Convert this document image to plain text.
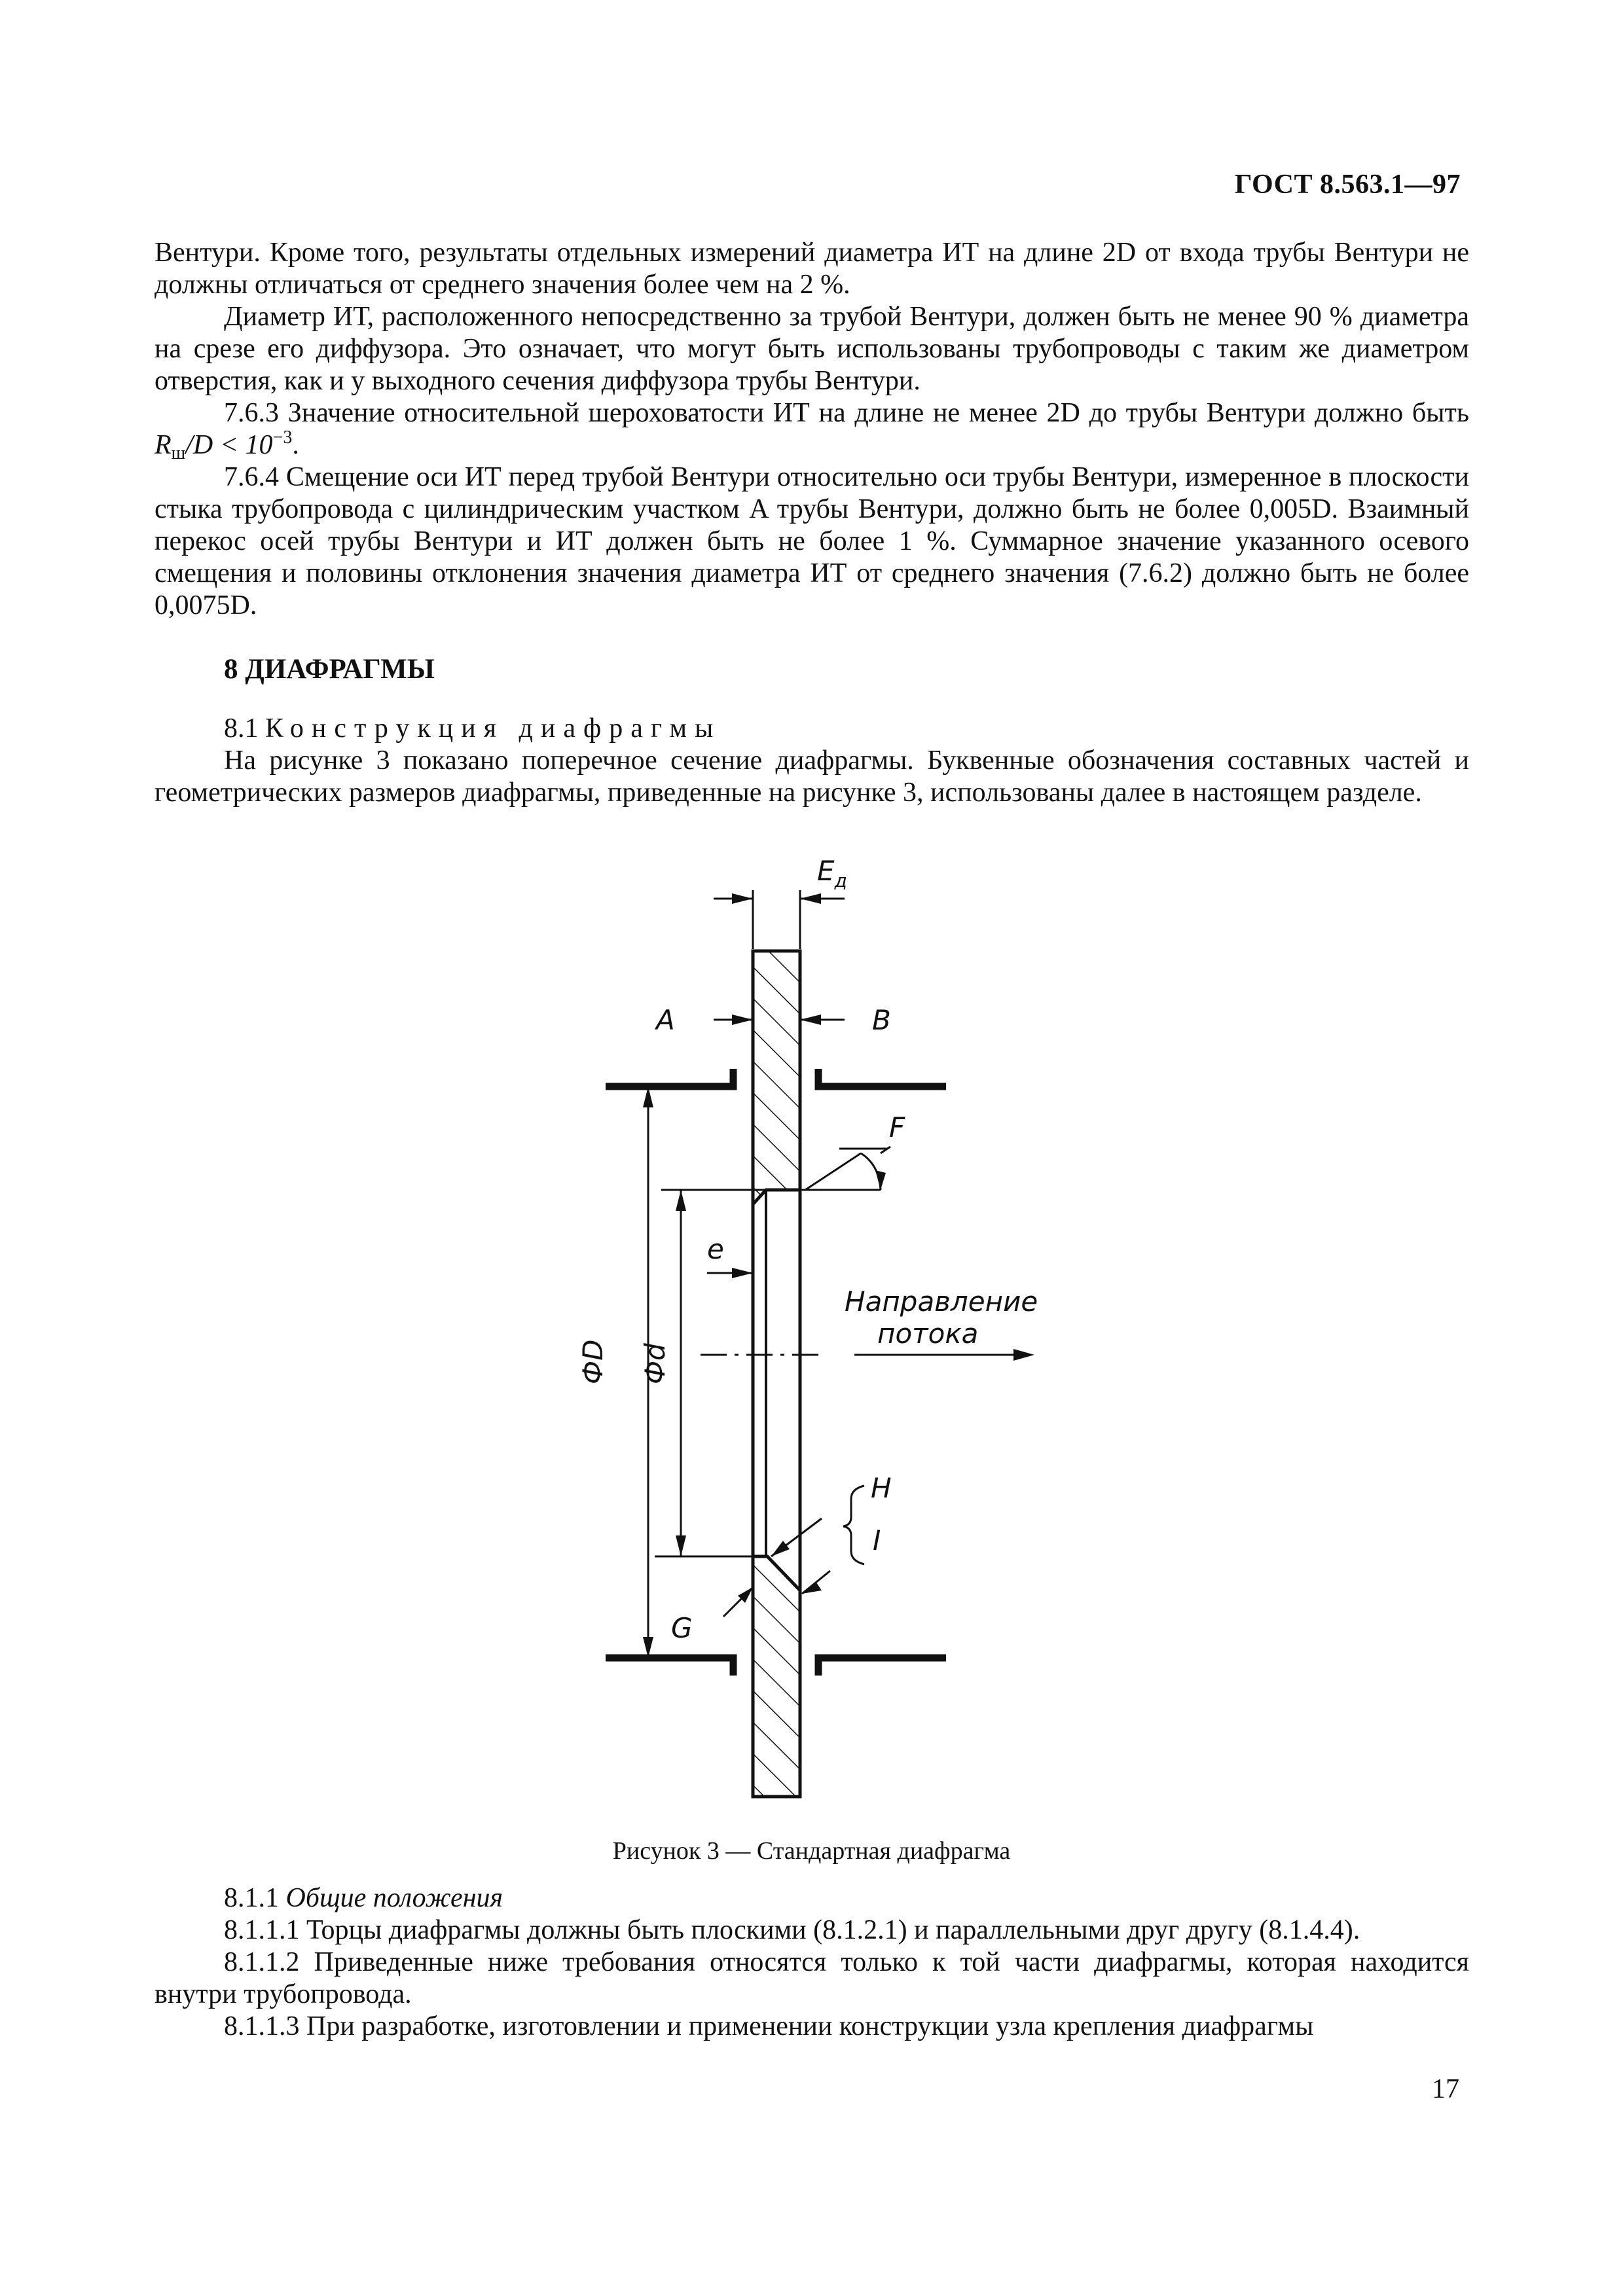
ГОСТ 8.563.1—97

Вентури. Кроме того, результаты отдельных измерений диаметра ИТ на длине 2D от входа трубы Вентури не должны отличаться от среднего значения более чем на 2 %.

Диаметр ИТ, расположенного непосредственно за трубой Вентури, должен быть не менее 90 % диаметра на срезе его диффузора. Это означает, что могут быть использованы трубопроводы с таким же диаметром отверстия, как и у выходного сечения диффузора трубы Вентури.

7.6.3 Значение относительной шероховатости ИТ на длине не менее 2D до трубы Вентури должно быть $R_ш/D < 10^{-3}$.

7.6.4 Смещение оси ИТ перед трубой Вентури относительно оси трубы Вентури, измеренное в плоскости стыка трубопровода с цилиндрическим участком A трубы Вентури, должно быть не более 0,005D. Взаимный перекос осей трубы Вентури и ИТ должен быть не более 1 %. Суммарное значение указанного осевого смещения и половины отклонения значения диаметра ИТ от среднего значения (7.6.2) должно быть не более 0,0075D.

8 ДИАФРАГМЫ

8.1 Конструкция диафрагмы

На рисунке 3 показано поперечное сечение диафрагмы. Буквенные обозначения составных частей и геометрических размеров диафрагмы, приведенные на рисунке 3, использованы далее в настоящем разделе.

$E_д$
A	B
F
e
Направление
потока
ФD Фd
H
I
G
Рисунок 3 — Стандартная диафрагма

8.1.1 Общие положения

8.1.1.1 Торцы диафрагмы должны быть плоскими (8.1.2.1) и параллельными друг другу (8.1.4.4).

8.1.1.2 Приведенные ниже требования относятся только к той части диафрагмы, которая находится внутри трубопровода.

8.1.1.3 При разработке, изготовлении и применении конструкции узла крепления диафрагмы

17
